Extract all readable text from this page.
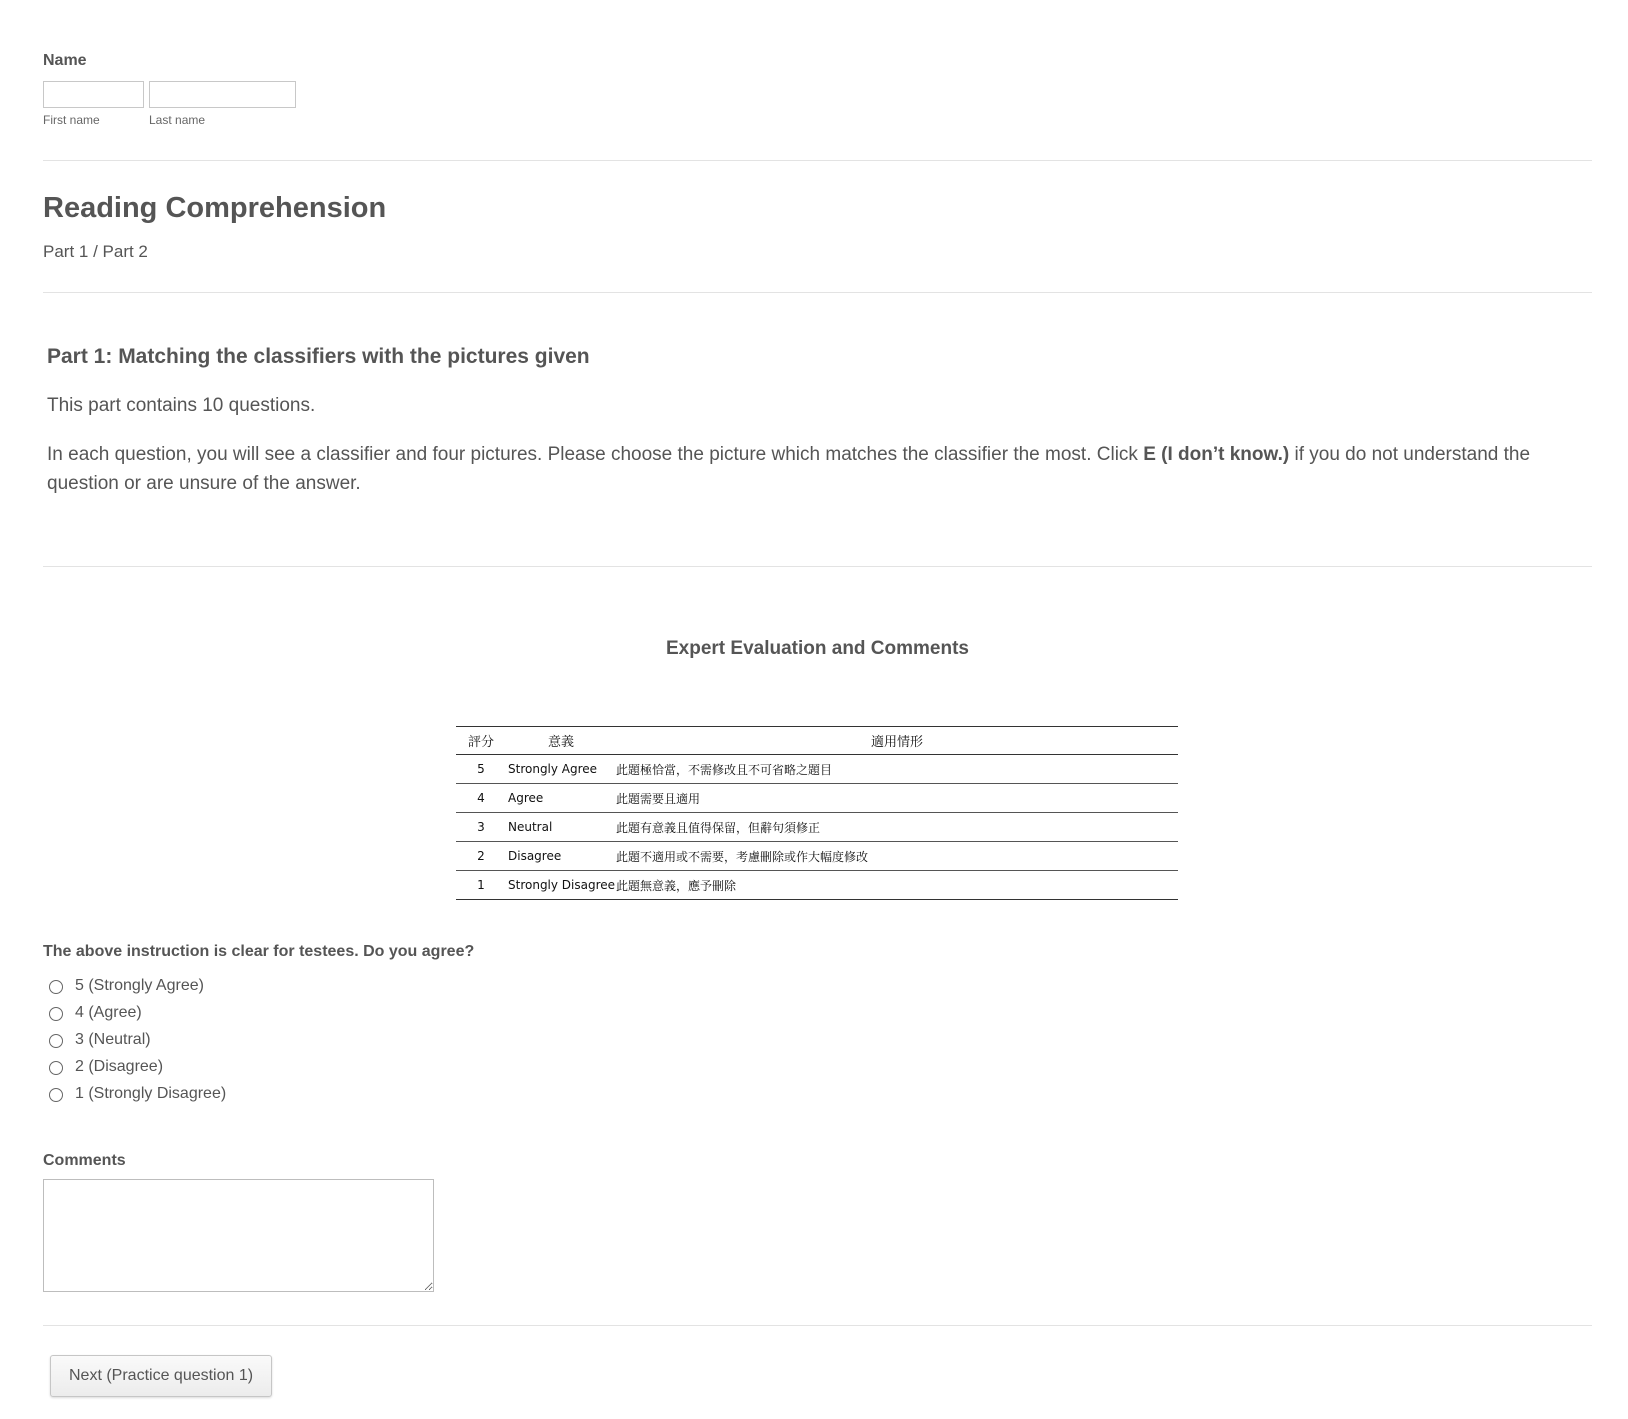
Name
First name	Last name
Reading Comprehension
Part 1 / Part 2
Part 1: Matching the classifiers with the pictures given
This part contains 10 questions.
In each question, you will see a classifier and four pictures. Please choose the picture which matches the classifier the most. Click E (I don’t know.) if you do not understand the question or are unsure of the answer.
Expert Evaluation and Comments
評分	意義	適用情形
5	Strongly Agree	此題極恰當，不需修改且不可省略之題目
4	Agree	此題需要且適用
3	Neutral	此題有意義且值得保留，但辭句須修正
2	Disagree	此題不適用或不需要，考慮刪除或作大幅度修改
1	Strongly Disagree	此題無意義，應予刪除
The above instruction is clear for testees. Do you agree?
5 (Strongly Agree)
4 (Agree)
3 (Neutral)
2 (Disagree)
1 (Strongly Disagree)
Comments
Next (Practice question 1)
